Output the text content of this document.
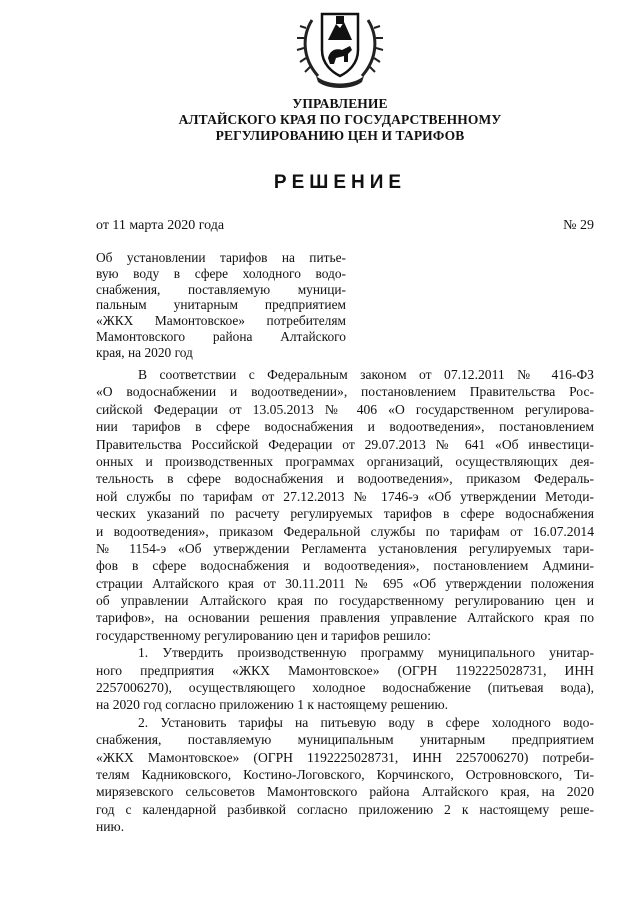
УПРАВЛЕНИЕ
АЛТАЙСКОГО КРАЯ ПО ГОСУДАРСТВЕННОМУ
РЕГУЛИРОВАНИЮ ЦЕН И ТАРИФОВ
РЕШЕНИЕ
от 11 марта 2020 года	№ 29
Об установлении тарифов на питье-
вую воду в сфере холодного водо-
снабжения, поставляемую муници-
пальным унитарным предприятием
«ЖКХ Мамонтовское» потребителям
Мамонтовского района Алтайского
края, на 2020 год
В соответствии с Федеральным законом от 07.12.2011 № 416-ФЗ
«О водоснабжении и водоотведении», постановлением Правительства Рос-
сийской Федерации от 13.05.2013 № 406 «О государственном регулирова-
нии тарифов в сфере водоснабжения и водоотведения», постановлением
Правительства Российской Федерации от 29.07.2013 № 641 «Об инвестици-
онных и производственных программах организаций, осуществляющих дея-
тельность в сфере водоснабжения и водоотведения», приказом Федераль-
ной службы по тарифам от 27.12.2013 № 1746-э «Об утверждении Методи-
ческих указаний по расчету регулируемых тарифов в сфере водоснабжения
и водоотведения», приказом Федеральной службы по тарифам от 16.07.2014
№ 1154-э «Об утверждении Регламента установления регулируемых тари-
фов в сфере водоснабжения и водоотведения», постановлением Админи-
страции Алтайского края от 30.11.2011 № 695 «Об утверждении положения
об управлении Алтайского края по государственному регулированию цен и
тарифов», на основании решения правления управление Алтайского края по
государственному регулированию цен и тарифов решило:
1. Утвердить производственную программу муниципального унитар-
ного предприятия «ЖКХ Мамонтовское» (ОГРН 1192225028731, ИНН
2257006270), осуществляющего холодное водоснабжение (питьевая вода),
на 2020 год согласно приложению 1 к настоящему решению.
2. Установить тарифы на питьевую воду в сфере холодного водо-
снабжения, поставляемую муниципальным унитарным предприятием
«ЖКХ Мамонтовское» (ОГРН 1192225028731, ИНН 2257006270) потреби-
телям Кадниковского, Костино-Логовского, Корчинского, Островновского, Ти-
мирязевского сельсоветов Мамонтовского района Алтайского края, на 2020
год с календарной разбивкой согласно приложению 2 к настоящему реше-
нию.
